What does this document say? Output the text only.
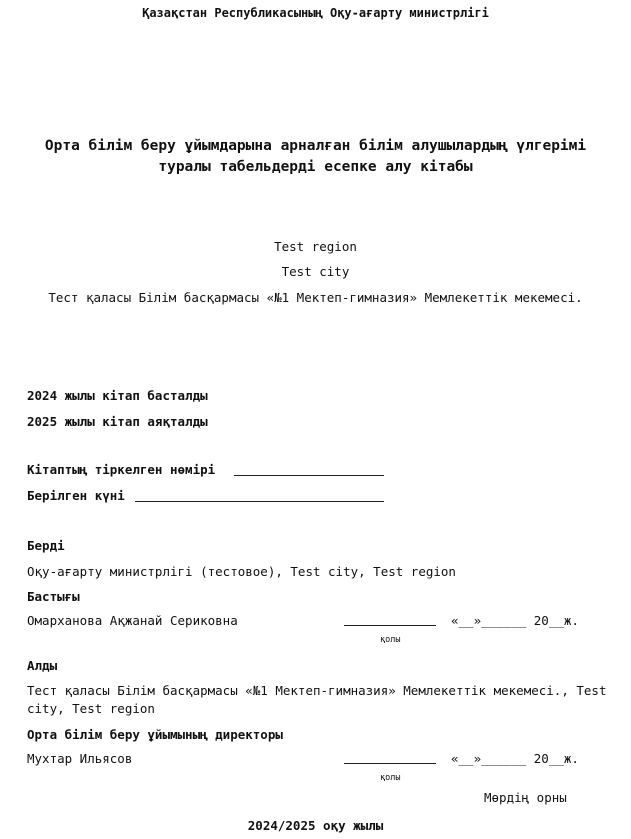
Қазақстан Республикасының Оқу-ағарту министрлігі
Орта білім беру ұйымдарына арналған білім алушылардың үлгерімі
туралы табельдерді есепке алу кітабы
Test region
Test city
Тест қаласы Білім басқармасы «№1 Мектеп-гимназия» Мемлекеттік мекемесі.
2024 жылы кітап басталды
2025 жылы кітап аяқталды
Кітаптың тіркелген нөмірі
Берілген күні
Берді
Оқу-ағарту министрлігі (тестовое), Test city, Test region
Бастығы
Омарханова Ақжанай Сериковна	«__»______ 20__ж.
қолы
Алды
Тест қаласы Білім басқармасы «№1 Мектеп-гимназия» Мемлекеттік мекемесі., Test city, Test region
Орта білім беру ұйымының директоры
Мухтар Ильясов	«__»______ 20__ж.
қолы
Мөрдің орны
2024/2025 оқу жылы
